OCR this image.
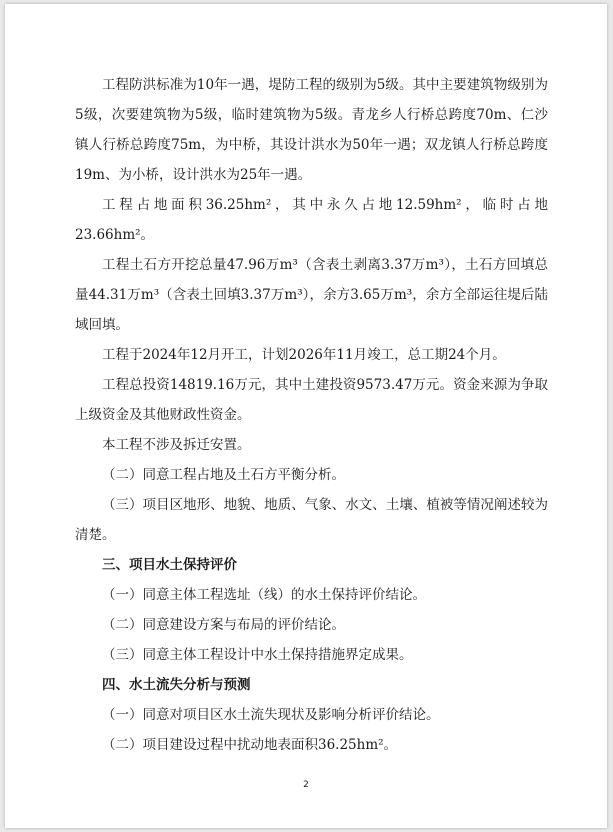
工程防洪标准为10年一遇，堤防工程的级别为5级。其中主要建筑物级别为5级，次要建筑物为5级，临时建筑物为5级。青龙乡人行桥总跨度70m、仁沙镇人行桥总跨度75m，为中桥，其设计洪水为50年一遇；双龙镇人行桥总跨度19m、为小桥，设计洪水为25年一遇。

工程占地面积36.25hm²，其中永久占地12.59hm²，临时占地23.66hm²。

工程土石方开挖总量47.96万m³（含表土剥离3.37万m³），土石方回填总量44.31万m³（含表土回填3.37万m³），余方3.65万m³，余方全部运往堤后陆域回填。

工程于2024年12月开工，计划2026年11月竣工，总工期24个月。

工程总投资14819.16万元，其中土建投资9573.47万元。资金来源为争取上级资金及其他财政性资金。

本工程不涉及拆迁安置。

（二）同意工程占地及土石方平衡分析。

（三）项目区地形、地貌、地质、气象、水文、土壤、植被等情况阐述较为清楚。

三、项目水土保持评价

（一）同意主体工程选址（线）的水土保持评价结论。

（二）同意建设方案与布局的评价结论。

（三）同意主体工程设计中水土保持措施界定成果。

四、水土流失分析与预测

（一）同意对项目区水土流失现状及影响分析评价结论。

（二）项目建设过程中扰动地表面积36.25hm²。

2
